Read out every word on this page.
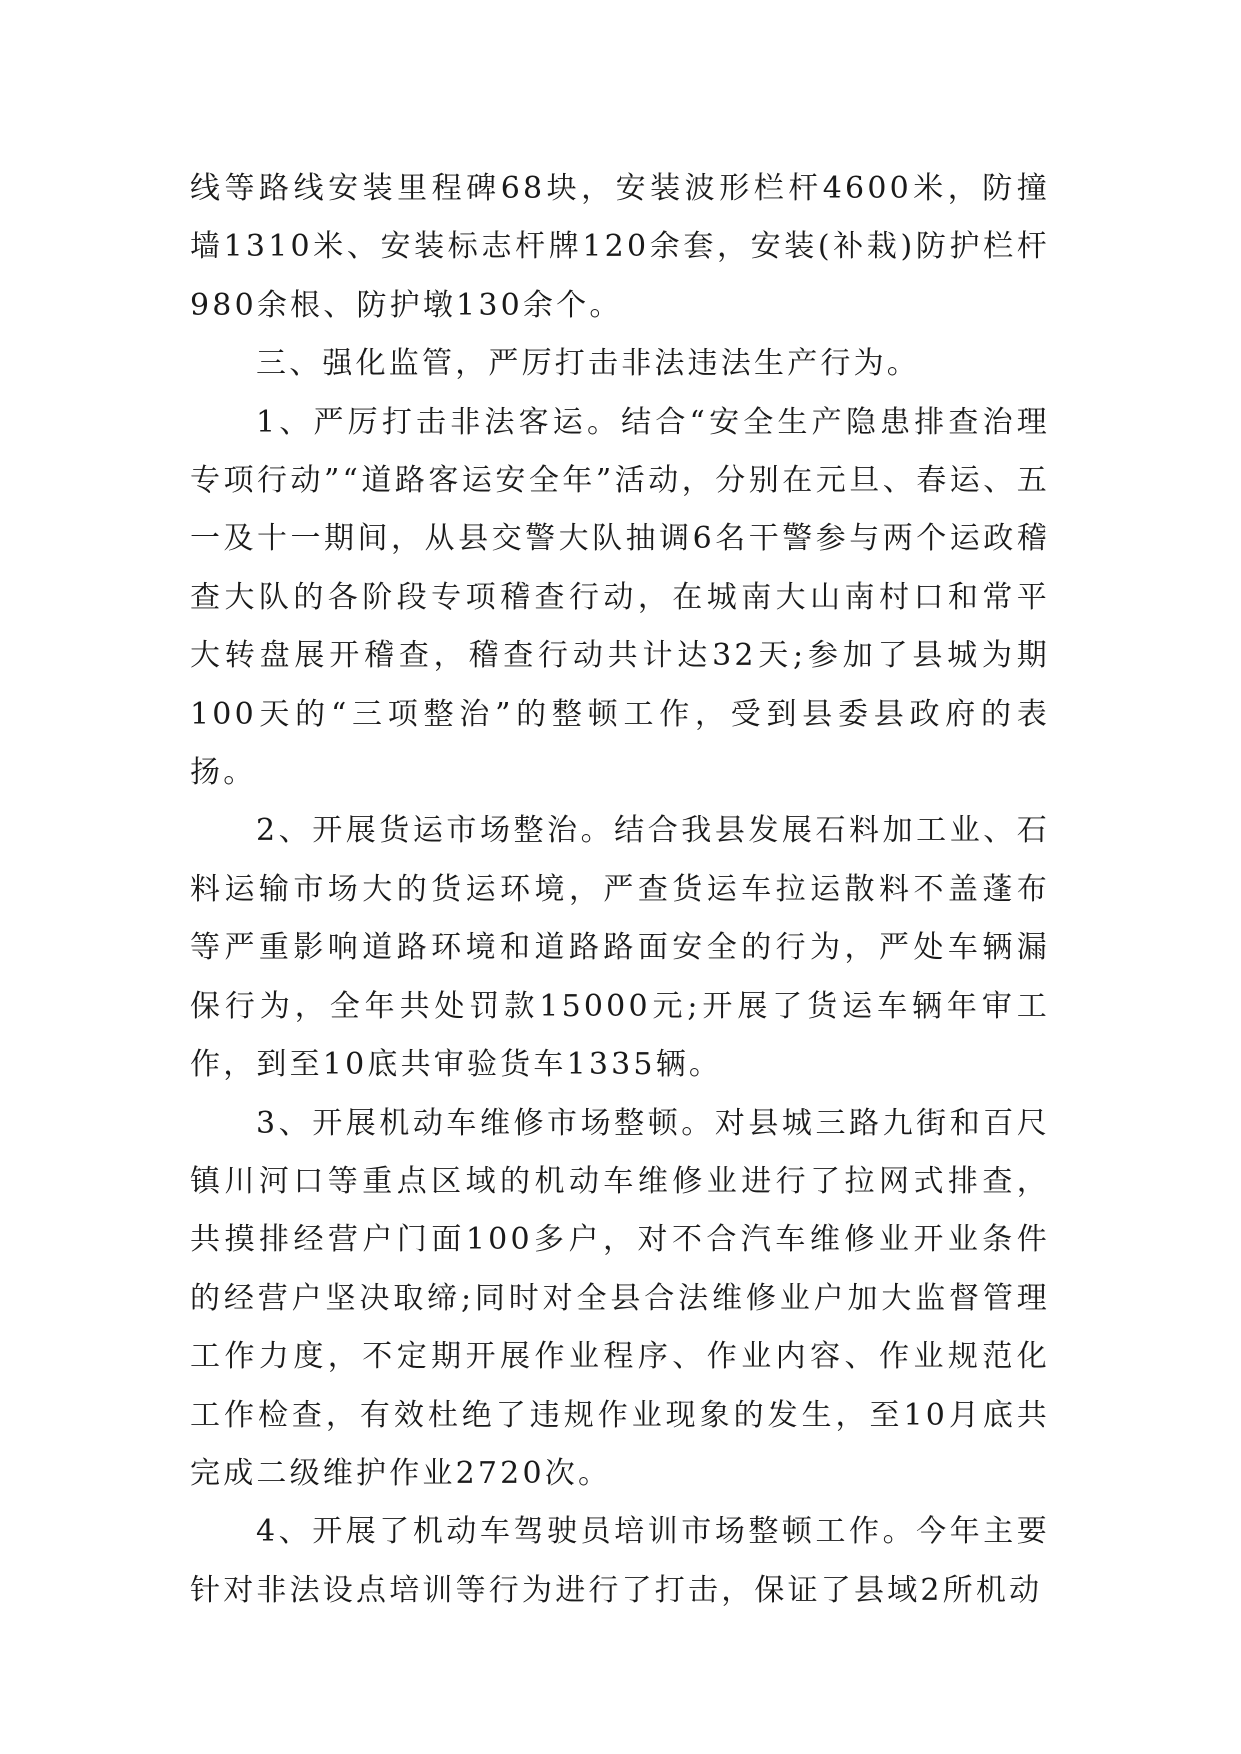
线等路线安装里程碑68块，安装波形栏杆4600米，防撞墙1310米、安装标志杆牌120余套，安装(补栽)防护栏杆980余根、防护墩130余个。

三、强化监管，严厉打击非法违法生产行为。

1、严厉打击非法客运。结合“安全生产隐患排查治理专项行动”“道路客运安全年”活动，分别在元旦、春运、五一及十一期间，从县交警大队抽调6名干警参与两个运政稽查大队的各阶段专项稽查行动，在城南大山南村口和常平大转盘展开稽查，稽查行动共计达32天;参加了县城为期100天的“三项整治”的整顿工作，受到县委县政府的表扬。

2、开展货运市场整治。结合我县发展石料加工业、石料运输市场大的货运环境，严查货运车拉运散料不盖蓬布等严重影响道路环境和道路路面安全的行为，严处车辆漏保行为，全年共处罚款15000元;开展了货运车辆年审工作，到至10底共审验货车1335辆。

3、开展机动车维修市场整顿。对县城三路九街和百尺镇川河口等重点区域的机动车维修业进行了拉网式排查，共摸排经营户门面100多户，对不合汽车维修业开业条件的经营户坚决取缔;同时对全县合法维修业户加大监督管理工作力度，不定期开展作业程序、作业内容、作业规范化工作检查，有效杜绝了违规作业现象的发生，至10月底共完成二级维护作业2720次。

4、开展了机动车驾驶员培训市场整顿工作。今年主要针对非法设点培训等行为进行了打击，保证了县域2所机动
